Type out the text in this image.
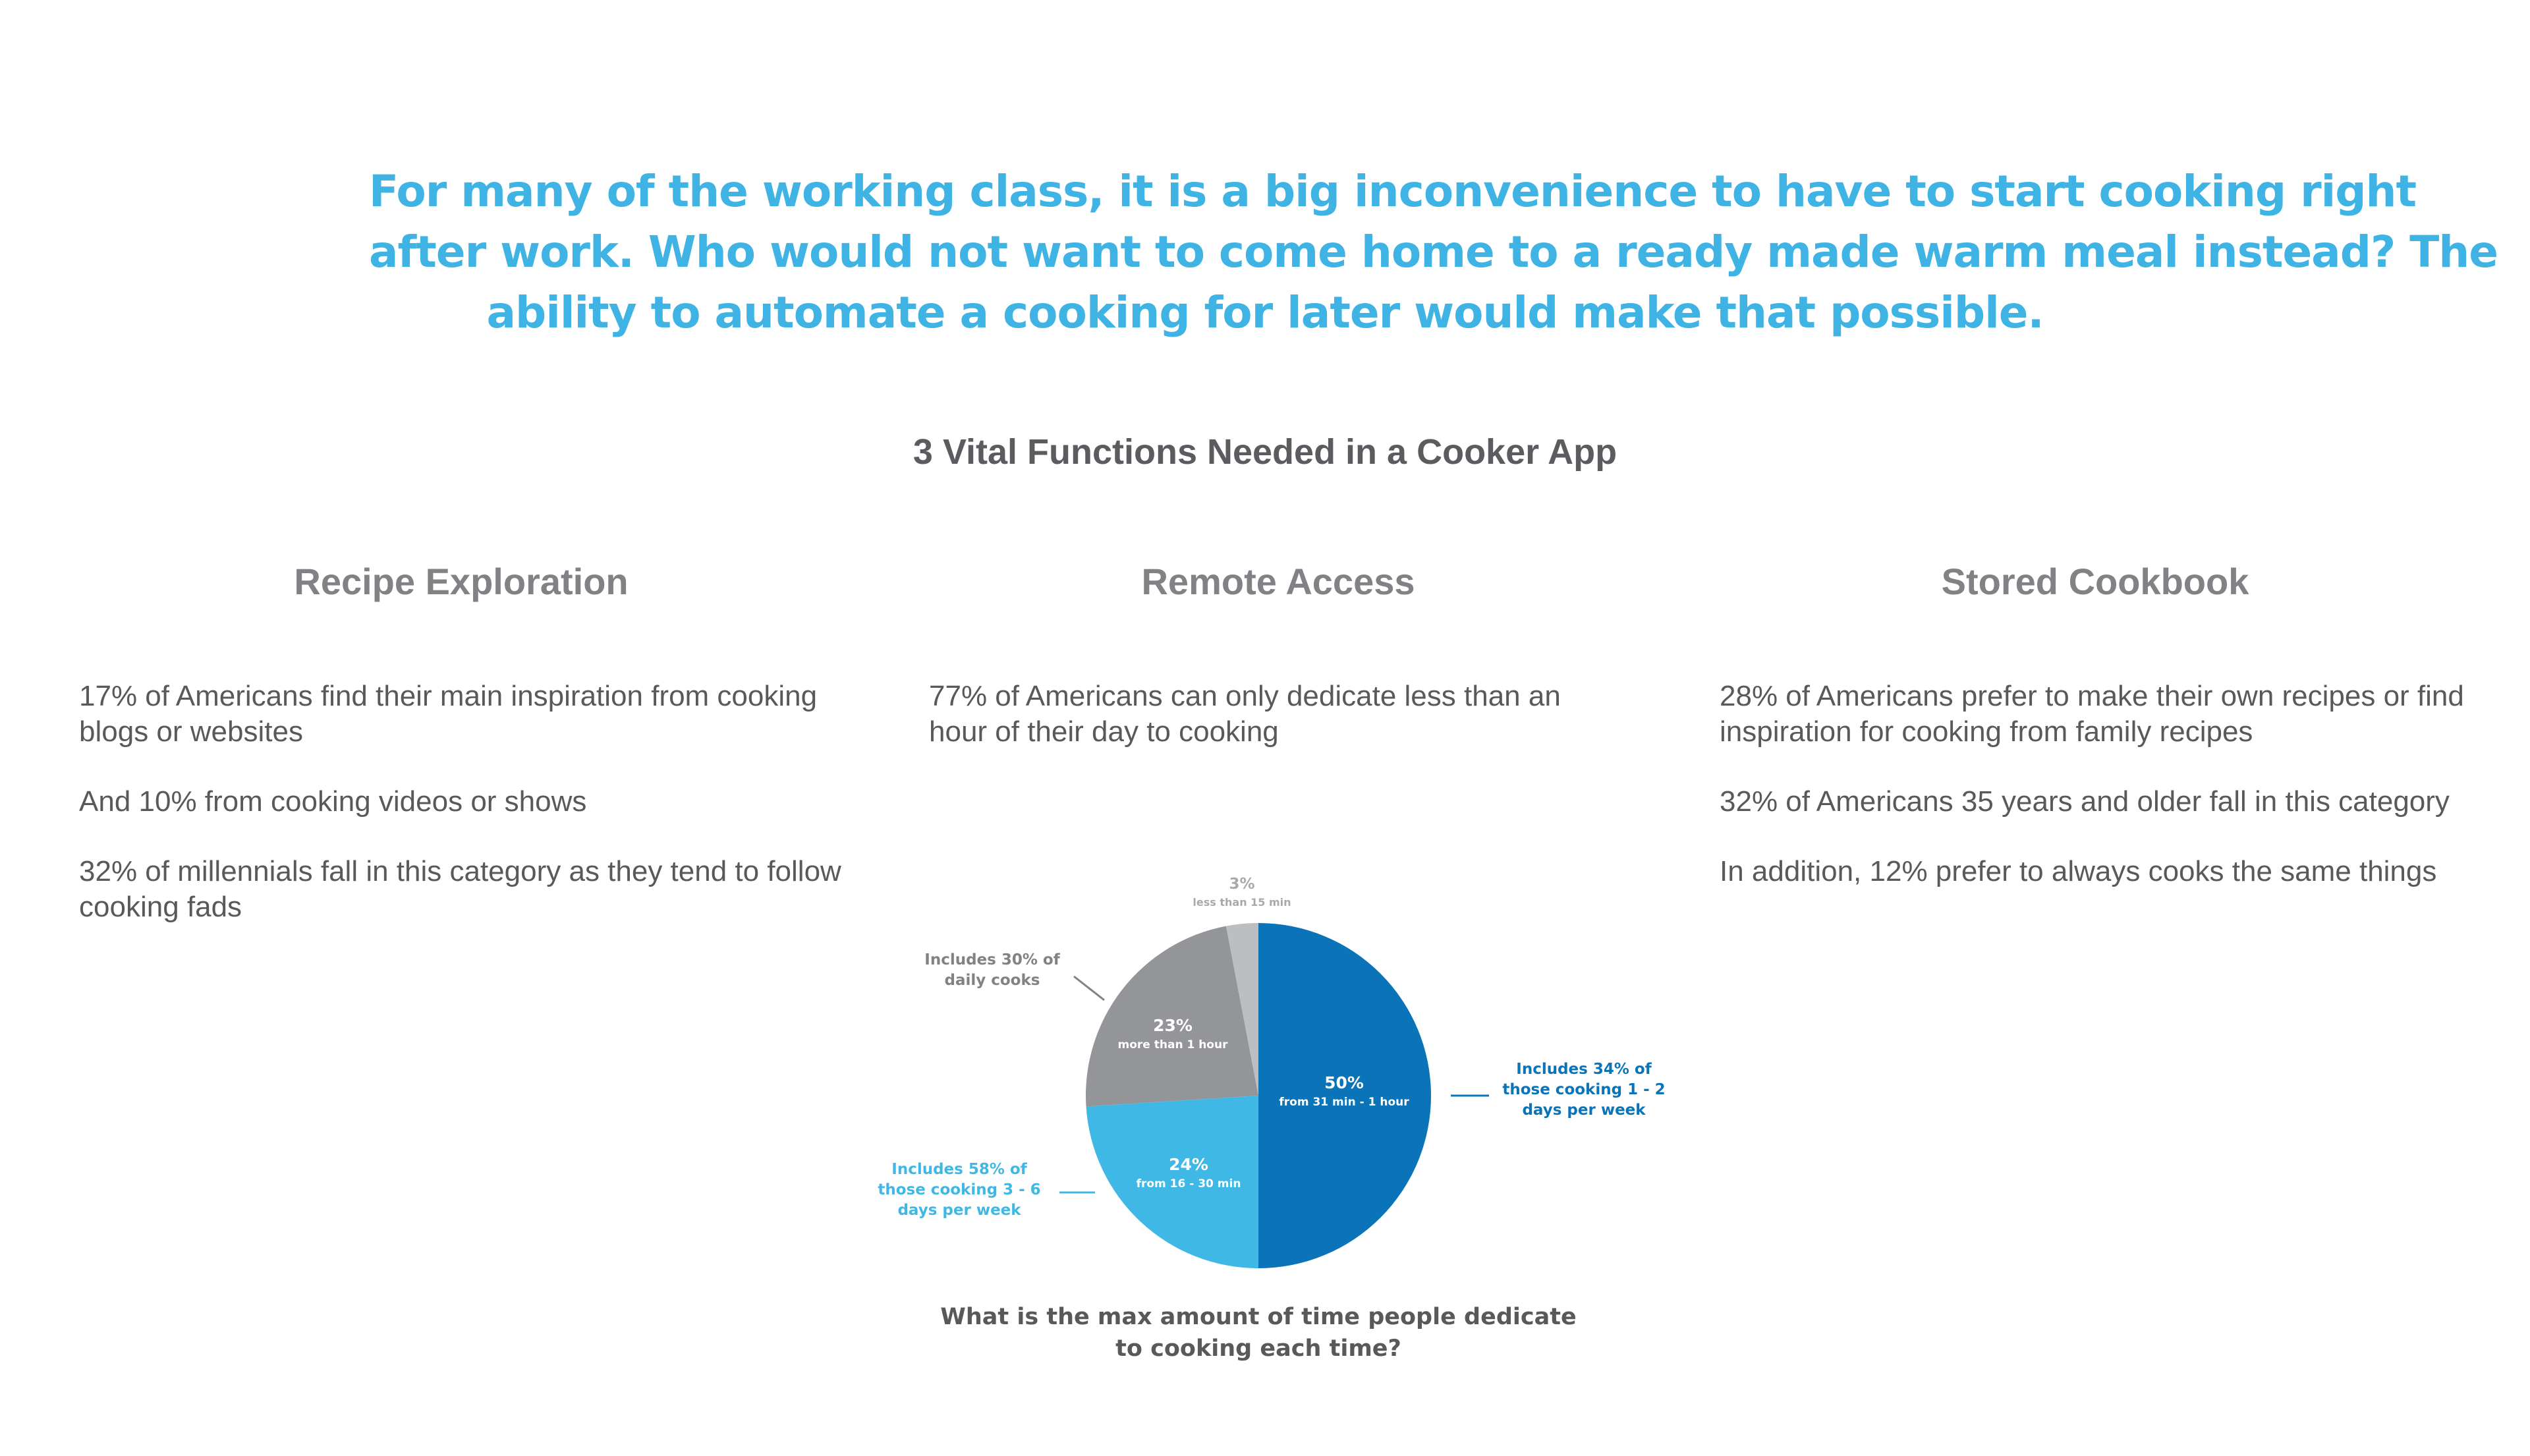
For many of the working class, it is a big inconvenience to have to start cooking right
after work. Who would not want to come home to a ready made warm meal instead? The
ability to automate a cooking for later would make that possible.
3 Vital Functions Needed in a Cooker App
Recipe Exploration	Remote Access	Stored Cookbook

17% of Americans find their main inspiration from cooking blogs or websites

And 10% from cooking videos or shows

32% of millennials fall in this category as they tend to follow cooking fads

77% of Americans can only dedicate less than an hour of their day to cooking

28% of Americans prefer to make their own recipes or find inspiration for cooking from family recipes

32% of Americans 35 years and older fall in this category

In addition, 12% prefer to always cooks the same things

50%
from 31 min - 1 hour
Includes 34% of
those cooking 1 - 2
days per week
24%
from 16 - 30 min
Includes 58% of
those cooking 3 - 6
days per week
23%
more than 1 hour
Includes 30% of
daily cooks
3%
less than 15 min
What is the max amount of time people dedicate to cooking each time?
